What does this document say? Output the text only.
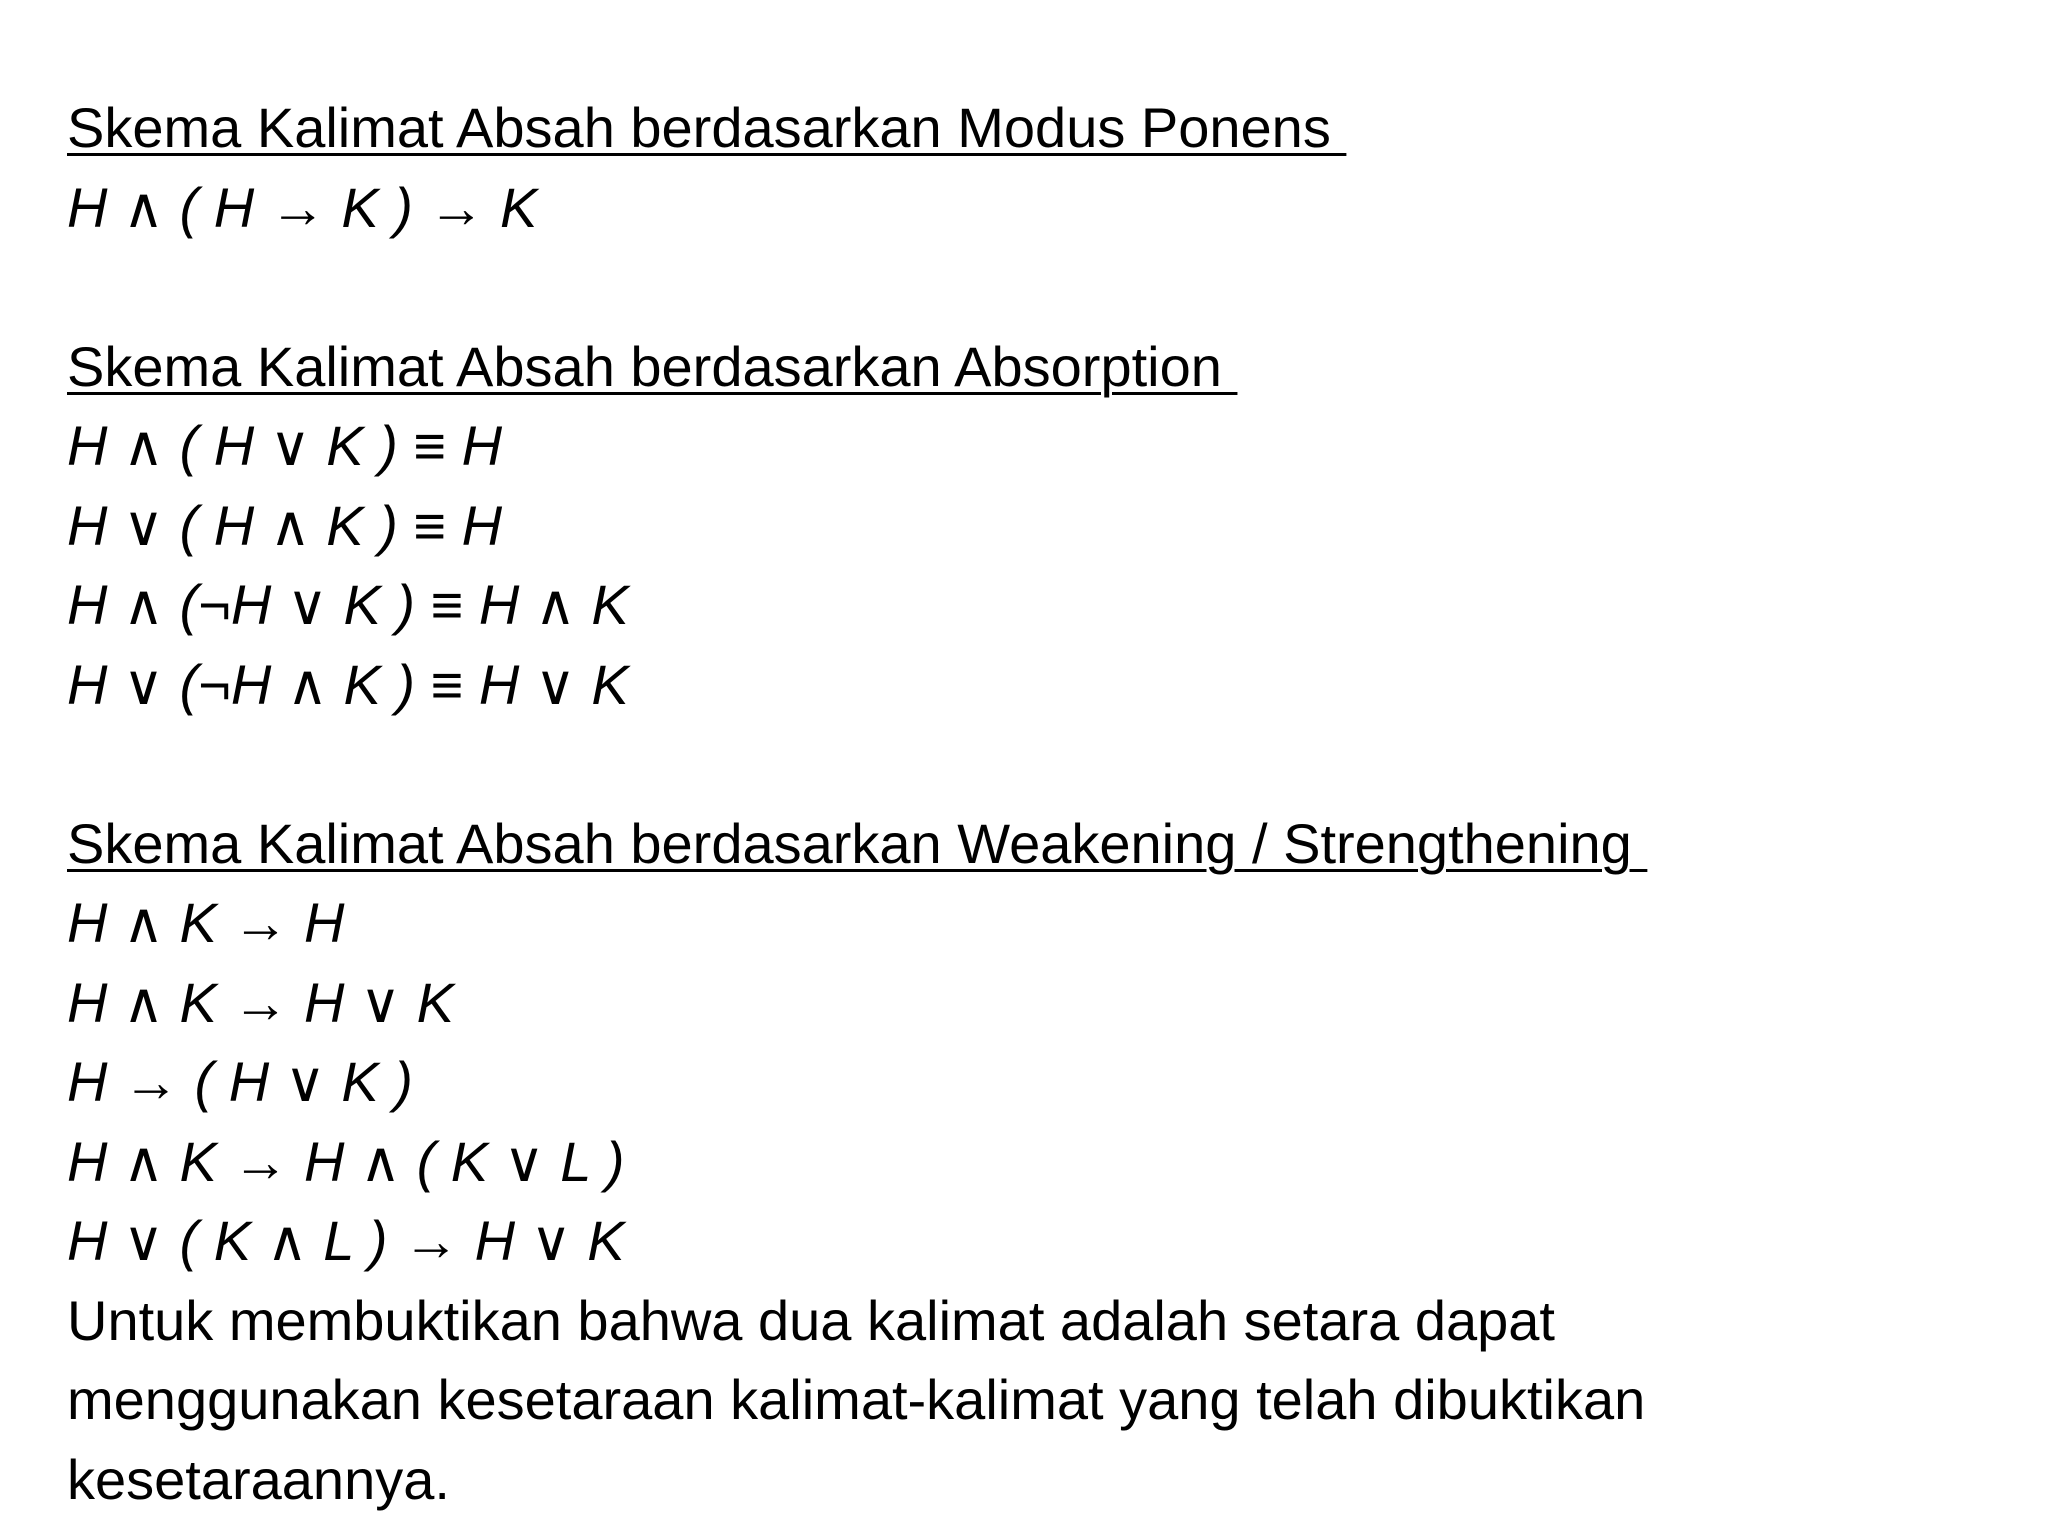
Skema Kalimat Absah berdasarkan Modus Ponens
H ∧ ( H → K ) → K
Skema Kalimat Absah berdasarkan Absorption
H ∧ ( H ∨ K ) ≡ H
H ∨ ( H ∧ K ) ≡ H
H ∧ (¬H ∨ K ) ≡ H ∧ K
H ∨ (¬H ∧ K ) ≡ H ∨ K
Skema Kalimat Absah berdasarkan Weakening / Strengthening
H ∧ K → H
H ∧ K → H ∨ K
H → ( H ∨ K )
H ∧ K → H ∧ ( K ∨ L )
H ∨ ( K ∧ L ) → H ∨ K
Untuk membuktikan bahwa dua kalimat adalah setara dapat menggunakan kesetaraan kalimat-kalimat yang telah dibuktikan kesetaraannya.
